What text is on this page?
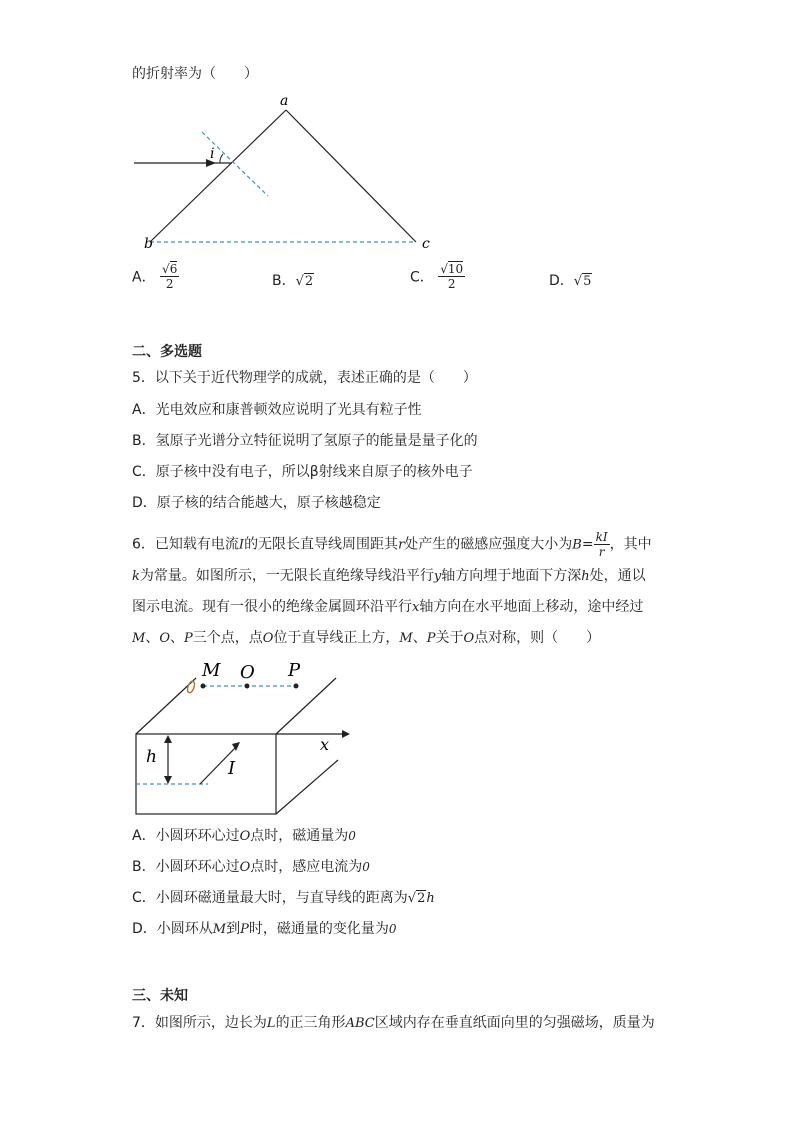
的折射率为（　　）
a
b	c
i
A． $\frac{√6}{2}$	B．√2	C． $\frac{√10}{2}$	D．√5
二、多选题
5．以下关于近代物理学的成就，表述正确的是（　　）
A．光电效应和康普顿效应说明了光具有粒子性
B．氢原子光谱分立特征说明了氢原子的能量是量子化的
C．原子核中没有电子，所以β射线来自原子的核外电子
D．原子核的结合能越大，原子核越稳定
6．已知载有电流I的无限长直导线周围距其r处产生的磁感应强度大小为$B= \frac{kI}{r}$ ，其中
k为常量。如图所示，一无限长直绝缘导线沿平行y轴方向埋于地面下方深h处，通以
图示电流。现有一很小的绝缘金属圆环沿平行x轴方向在水平地面上移动，途中经过
M、O、P三个点，点O位于直导线正上方，M、P关于O点对称，则（　　）
x
M O P
h
I
A．小圆环环心过O点时，磁通量为0
B．小圆环环心过O点时，感应电流为0
C．小圆环磁通量最大时，与直导线的距离为√2h
D．小圆环从M到P时，磁通量的变化量为0
三、未知
7．如图所示，边长为L的正三角形ABC区域内存在垂直纸面向里的匀强磁场，质量为
